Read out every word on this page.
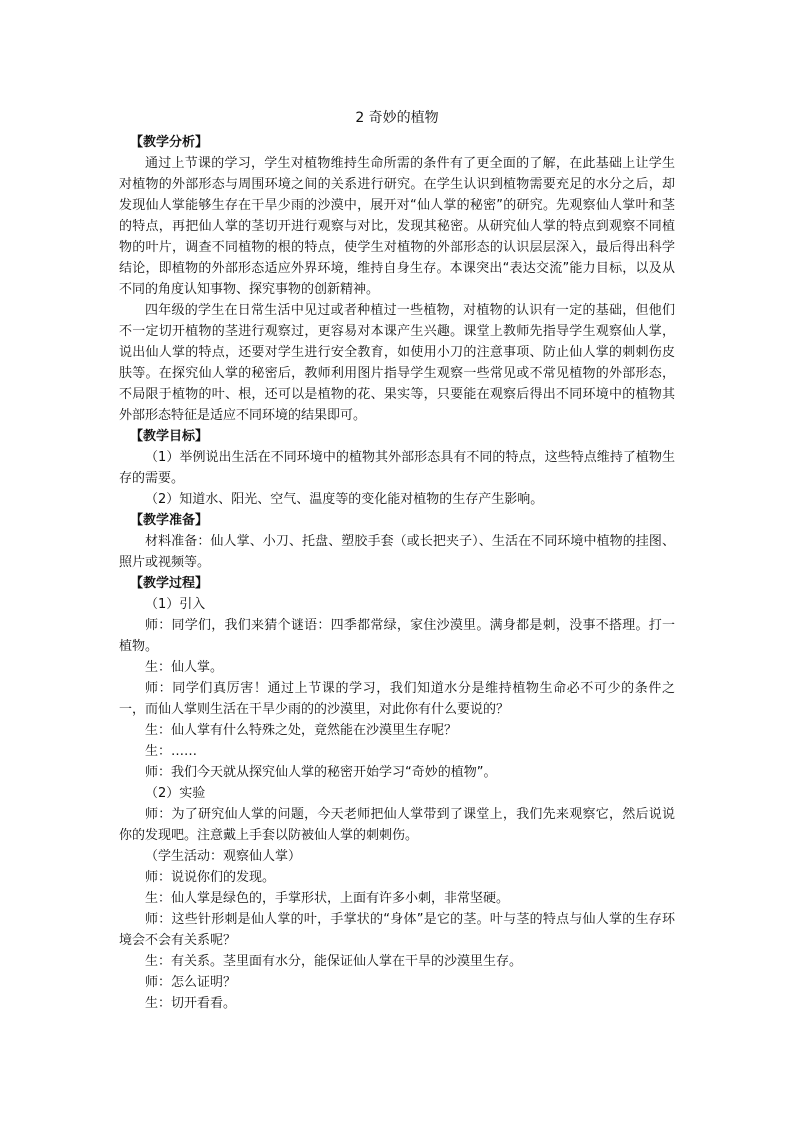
2 奇妙的植物
【教学分析】

通过上节课的学习，学生对植物维持生命所需的条件有了更全面的了解，在此基础上让学生对植物的外部形态与周围环境之间的关系进行研究。在学生认识到植物需要充足的水分之后，却发现仙人掌能够生存在干旱少雨的沙漠中，展开对“仙人掌的秘密”的研究。先观察仙人掌叶和茎的特点，再把仙人掌的茎切开进行观察与对比，发现其秘密。从研究仙人掌的特点到观察不同植物的叶片，调查不同植物的根的特点，使学生对植物的外部形态的认识层层深入，最后得出科学结论，即植物的外部形态适应外界环境，维持自身生存。本课突出“表达交流”能力目标，以及从不同的角度认知事物、探究事物的创新精神。

四年级的学生在日常生活中见过或者种植过一些植物，对植物的认识有一定的基础，但他们不一定切开植物的茎进行观察过，更容易对本课产生兴趣。课堂上教师先指导学生观察仙人掌，说出仙人掌的特点，还要对学生进行安全教育，如使用小刀的注意事项、防止仙人掌的刺刺伤皮肤等。在探究仙人掌的秘密后，教师利用图片指导学生观察一些常见或不常见植物的外部形态，不局限于植物的叶、根，还可以是植物的花、果实等，只要能在观察后得出不同环境中的植物其外部形态特征是适应不同环境的结果即可。

【教学目标】

（1）举例说出生活在不同环境中的植物其外部形态具有不同的特点，这些特点维持了植物生存的需要。

（2）知道水、阳光、空气、温度等的变化能对植物的生存产生影响。

【教学准备】

材料准备：仙人掌、小刀、托盘、塑胶手套（或长把夹子）、生活在不同环境中植物的挂图、照片或视频等。

【教学过程】

（1）引入

师：同学们，我们来猜个谜语：四季都常绿，家住沙漠里。满身都是刺，没事不搭理。打一植物。

生：仙人掌。

师：同学们真厉害！通过上节课的学习，我们知道水分是维持植物生命必不可少的条件之一，而仙人掌则生活在干旱少雨的的沙漠里，对此你有什么要说的？

生：仙人掌有什么特殊之处，竟然能在沙漠里生存呢？

生：……

师：我们今天就从探究仙人掌的秘密开始学习“奇妙的植物”。

（2）实验

师：为了研究仙人掌的问题，今天老师把仙人掌带到了课堂上，我们先来观察它，然后说说你的发现吧。注意戴上手套以防被仙人掌的刺刺伤。

（学生活动：观察仙人掌）

师：说说你们的发现。

生：仙人掌是绿色的，手掌形状，上面有许多小刺，非常坚硬。

师：这些针形刺是仙人掌的叶，手掌状的“身体”是它的茎。叶与茎的特点与仙人掌的生存环境会不会有关系呢？

生：有关系。茎里面有水分，能保证仙人掌在干旱的沙漠里生存。

师：怎么证明？

生：切开看看。
